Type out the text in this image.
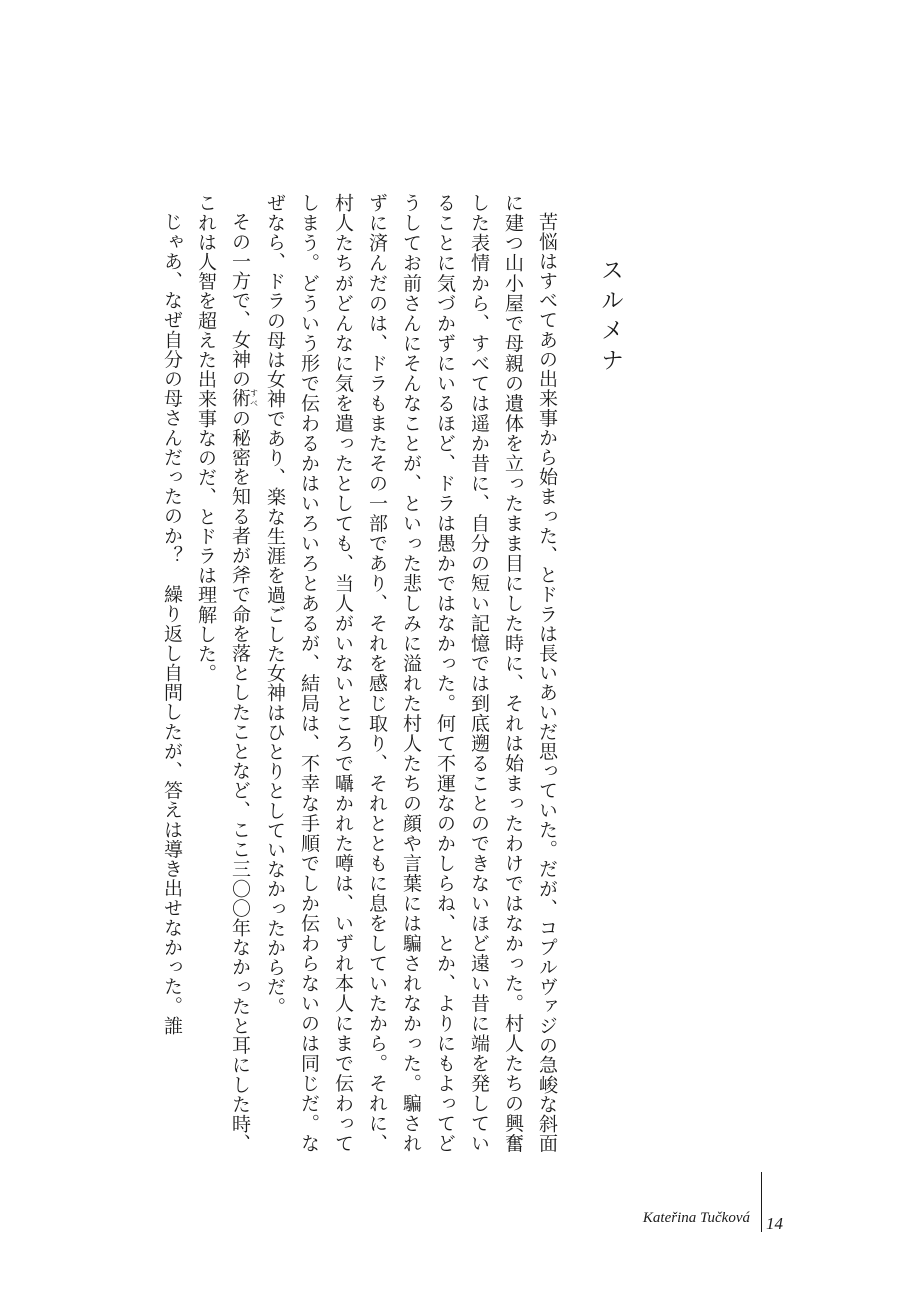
スルメナ

苦悩はすべてあの出来事から始まった、とドラは長いあいだ思っていた。だが、コプルヴァジの急峻な斜面に建つ山小屋で母親の遺体を立ったまま目にした時に、それは始まったわけではなかった。村人たちの興奮した表情から、すべては遥か昔に、自分の短い記憶では到底遡ることのできないほど遠い昔に端を発していることに気づかずにいるほど、ドラは愚かではなかった。何て不運なのかしらね、とか、よりにもよってどうしてお前さんにそんなことが、といった悲しみに溢れた村人たちの顔や言葉には騙されなかった。騙されずに済んだのは、ドラもまたその一部であり、それを感じ取り、それとともに息をしていたから。それに、村人たちがどんなに気を遣ったとしても、当人がいないところで囁かれた噂は、いずれ本人にまで伝わってしまう。どういう形で伝わるかはいろいろとあるが、結局は、不幸な手順でしか伝わらないのは同じだ。なぜなら、ドラの母は女神であり、楽な生涯を過ごした女神はひとりとしていなかったからだ。

その一方で、女神の術すべの秘密を知る者が斧で命を落としたことなど、ここ三〇〇年なかったと耳にした時、これは人智を超えた出来事なのだ、とドラは理解した。

じゃあ、なぜ自分の母さんだったのか？　繰り返し自問したが、答えは導き出せなかった。誰

Kateřina Tučková 14
